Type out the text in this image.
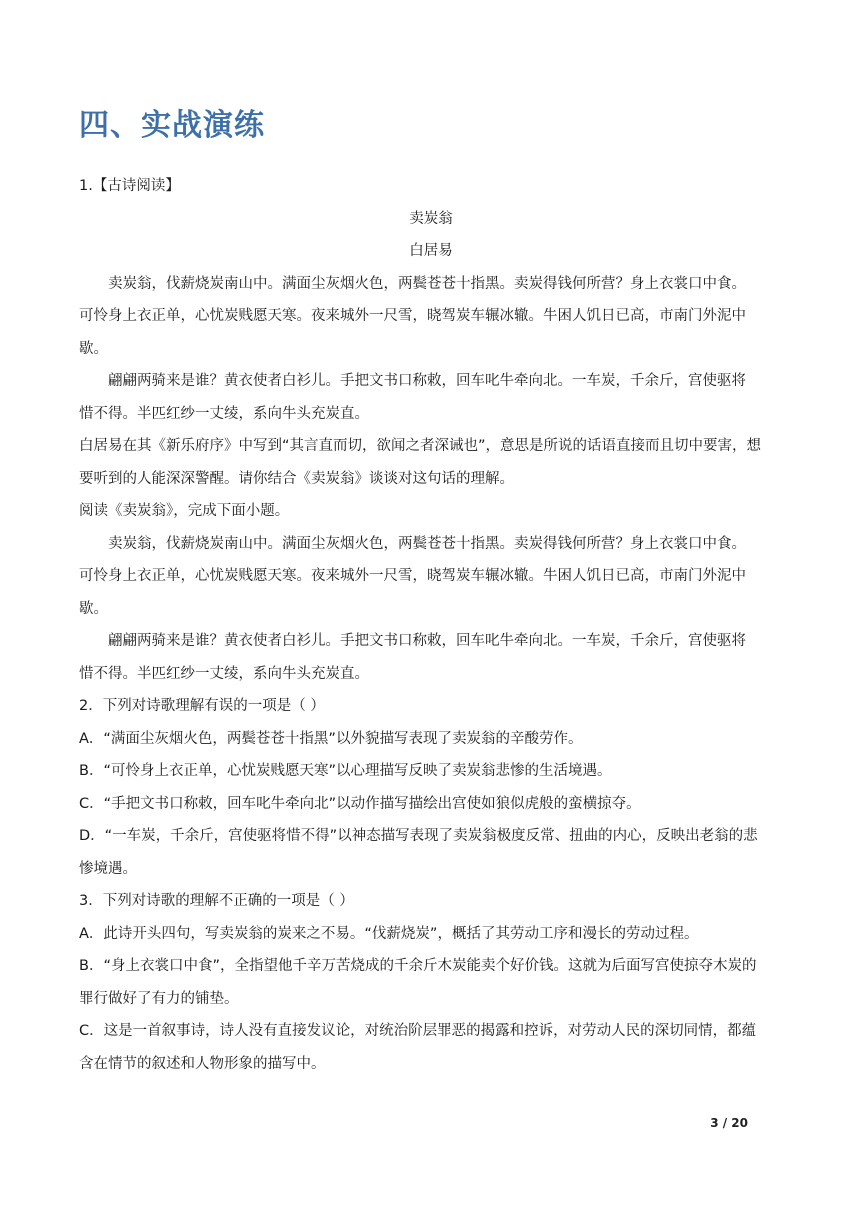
四、实战演练
1.【古诗阅读】
卖炭翁
白居易
卖炭翁，伐薪烧炭南山中。满面尘灰烟火色，两鬓苍苍十指黑。卖炭得钱何所营？身上衣裳口中食。
可怜身上衣正单，心忧炭贱愿天寒。夜来城外一尺雪，晓驾炭车辗冰辙。牛困人饥日已高，市南门外泥中
歇。
翩翩两骑来是谁？黄衣使者白衫儿。手把文书口称敕，回车叱牛牵向北。一车炭，千余斤，宫使驱将
惜不得。半匹红纱一丈绫，系向牛头充炭直。
白居易在其《新乐府序》中写到“其言直而切，欲闻之者深诫也”，意思是所说的话语直接而且切中要害，想
要听到的人能深深警醒。请你结合《卖炭翁》谈谈对这句话的理解。
阅读《卖炭翁》，完成下面小题。
卖炭翁，伐薪烧炭南山中。满面尘灰烟火色，两鬓苍苍十指黑。卖炭得钱何所营？身上衣裳口中食。
可怜身上衣正单，心忧炭贱愿天寒。夜来城外一尺雪，晓驾炭车辗冰辙。牛困人饥日已高，市南门外泥中
歇。
翩翩两骑来是谁？黄衣使者白衫儿。手把文书口称敕，回车叱牛牵向北。一车炭，千余斤，宫使驱将
惜不得。半匹红纱一丈绫，系向牛头充炭直。
2．下列对诗歌理解有误的一项是（ ）
A．“满面尘灰烟火色，两鬓苍苍十指黑”以外貌描写表现了卖炭翁的辛酸劳作。
B．“可怜身上衣正单，心忧炭贱愿天寒”以心理描写反映了卖炭翁悲惨的生活境遇。
C．“手把文书口称敕，回车叱牛牵向北”以动作描写描绘出宫使如狼似虎般的蛮横掠夺。
D．“一车炭，千余斤，宫使驱将惜不得”以神态描写表现了卖炭翁极度反常、扭曲的内心，反映出老翁的悲
惨境遇。
3．下列对诗歌的理解不正确的一项是（ ）
A．此诗开头四句，写卖炭翁的炭来之不易。“伐薪烧炭”，概括了其劳动工序和漫长的劳动过程。
B．“身上衣裳口中食”，全指望他千辛万苦烧成的千余斤木炭能卖个好价钱。这就为后面写宫使掠夺木炭的
罪行做好了有力的铺垫。
C．这是一首叙事诗，诗人没有直接发议论，对统治阶层罪恶的揭露和控诉，对劳动人民的深切同情，都蕴
含在情节的叙述和人物形象的描写中。
3 / 20
